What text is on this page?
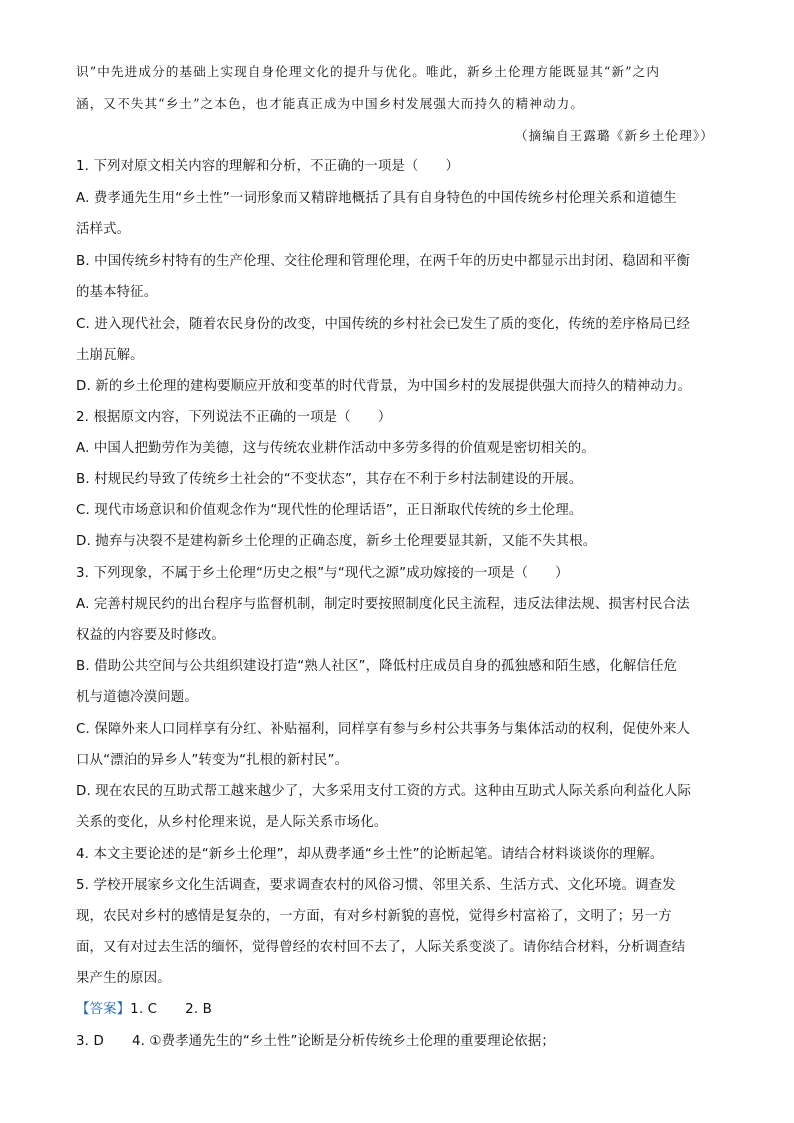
识”中先进成分的基础上实现自身伦理文化的提升与优化。唯此，新乡土伦理方能既显其“新”之内
涵，又不失其“乡土”之本色，也才能真正成为中国乡村发展强大而持久的精神动力。
（摘编自王露璐《新乡土伦理》）
1. 下列对原文相关内容的理解和分析，不正确的一项是（　　）
A. 费孝通先生用“乡土性”一词形象而又精辟地概括了具有自身特色的中国传统乡村伦理关系和道德生
活样式。
B. 中国传统乡村特有的生产伦理、交往伦理和管理伦理，在两千年的历史中都显示出封闭、稳固和平衡
的基本特征。
C. 进入现代社会，随着农民身份的改变，中国传统的乡村社会已发生了质的变化，传统的差序格局已经
土崩瓦解。
D. 新的乡土伦理的建构要顺应开放和变革的时代背景，为中国乡村的发展提供强大而持久的精神动力。
2. 根据原文内容，下列说法不正确的一项是（　　）
A. 中国人把勤劳作为美德，这与传统农业耕作活动中多劳多得的价值观是密切相关的。
B. 村规民约导致了传统乡土社会的“不变状态”，其存在不利于乡村法制建设的开展。
C. 现代市场意识和价值观念作为“现代性的伦理话语”，正日渐取代传统的乡土伦理。
D. 抛弃与决裂不是建构新乡土伦理的正确态度，新乡土伦理要显其新，又能不失其根。
3. 下列现象，不属于乡土伦理“历史之根”与“现代之源”成功嫁接的一项是（　　）
A. 完善村规民约的出台程序与监督机制，制定时要按照制度化民主流程，违反法律法规、损害村民合法
权益的内容要及时修改。
B. 借助公共空间与公共组织建设打造“熟人社区”，降低村庄成员自身的孤独感和陌生感，化解信任危
机与道德冷漠问题。
C. 保障外来人口同样享有分红、补贴福利，同样享有参与乡村公共事务与集体活动的权利，促使外来人
口从“漂泊的异乡人”转变为“扎根的新村民”。
D. 现在农民的互助式帮工越来越少了，大多采用支付工资的方式。这种由互助式人际关系向利益化人际
关系的变化，从乡村伦理来说，是人际关系市场化。
4. 本文主要论述的是“新乡土伦理”，却从费孝通“乡土性”的论断起笔。请结合材料谈谈你的理解。
5. 学校开展家乡文化生活调查，要求调查农村的风俗习惯、邻里关系、生活方式、文化环境。调查发
现，农民对乡村的感情是复杂的，一方面，有对乡村新貌的喜悦，觉得乡村富裕了，文明了；另一方
面，又有对过去生活的缅怀，觉得曾经的农村回不去了，人际关系变淡了。请你结合材料，分析调查结
果产生的原因。
【答案】1. C 2. B
3. D 4. ①费孝通先生的“乡土性”论断是分析传统乡土伦理的重要理论依据；
